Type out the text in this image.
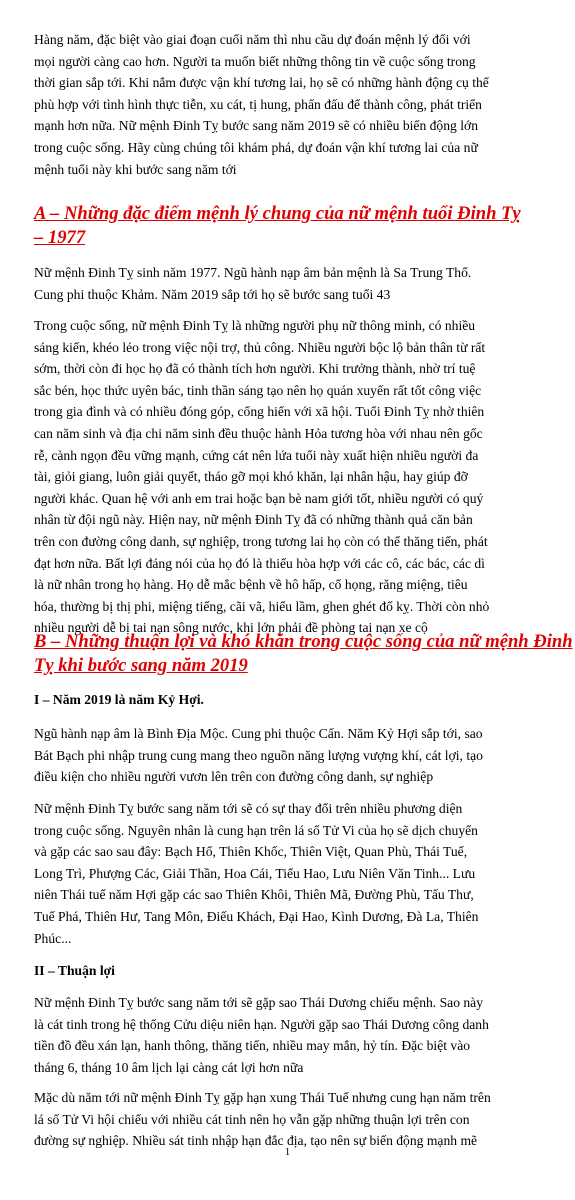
Hàng năm, đặc biệt vào giai đoạn cuối năm thì nhu cầu dự đoán mệnh lý đối với
mọi người càng cao hơn. Người ta muốn biết những thông tin về cuộc sống trong
thời gian sắp tới. Khi nắm được vận khí tương lai, họ sẽ có những hành động cụ thể
phù hợp với tình hình thực tiễn, xu cát, tị hung, phấn đấu để thành công, phát triển
mạnh hơn nữa. Nữ mệnh Đinh Tỵ bước sang năm 2019 sẽ có nhiều biến động lớn
trong cuộc sống. Hãy cùng chúng tôi khám phá, dự đoán vận khí tương lai của nữ
mệnh tuổi này khi bước sang năm tới
A – Những đặc điểm mệnh lý chung của nữ mệnh tuổi Đinh Tỵ
– 1977
Nữ mệnh Đinh Tỵ sinh năm 1977. Ngũ hành nạp âm bản mệnh là Sa Trung Thổ.
Cung phi thuộc Khảm. Năm 2019 sắp tới họ sẽ bước sang tuổi 43
Trong cuộc sống, nữ mệnh Đinh Tỵ là những người phụ nữ thông minh, có nhiều
sáng kiến, khéo léo trong việc nội trợ, thủ công. Nhiều người bộc lộ bản thân từ rất
sớm, thời còn đi học họ đã có thành tích hơn người. Khi trưởng thành, nhờ trí tuệ
sắc bén, học thức uyên bác, tinh thần sáng tạo nên họ quán xuyến rất tốt công việc
trong gia đình và có nhiều đóng góp, cống hiến với xã hội. Tuổi Đinh Tỵ nhờ thiên
can năm sinh và địa chi năm sinh đều thuộc hành Hỏa tương hòa với nhau nên gốc
rễ, cành ngọn đều vững mạnh, cứng cát nên lứa tuổi này xuất hiện nhiều người đa
tài, giỏi giang, luôn giải quyết, tháo gỡ mọi khó khăn, lại nhân hậu, hay giúp đỡ
người khác. Quan hệ với anh em trai hoặc bạn bè nam giới tốt, nhiều người có quý
nhân từ đội ngũ này. Hiện nay, nữ mệnh Đinh Tỵ đã có những thành quả căn bản
trên con đường công danh, sự nghiệp, trong tương lai họ còn có thể thăng tiến, phát
đạt hơn nữa. Bất lợi đáng nói của họ đó là thiếu hòa hợp với các cô, các bác, các dì
là nữ nhân trong họ hàng. Họ dễ mắc bệnh về hô hấp, cổ họng, răng miệng, tiêu
hóa, thường bị thị phi, miệng tiếng, cãi vã, hiểu lầm, ghen ghét đố kỵ. Thời còn nhỏ
nhiều người dễ bị tai nạn sông nước, khi lớn phải đề phòng tai nạn xe cộ
B – Những thuận lợi và khó khăn trong cuộc sống của nữ mệnh Đinh
Tỵ khi bước sang năm 2019
I – Năm 2019 là năm Kỷ Hợi.
Ngũ hành nạp âm là Bình Địa Mộc. Cung phi thuộc Cấn. Năm Kỷ Hợi sắp tới, sao
Bát Bạch phi nhập trung cung mang theo nguồn năng lượng vượng khí, cát lợi, tạo
điều kiện cho nhiều người vươn lên trên con đường công danh, sự nghiệp
Nữ mệnh Đinh Tỵ bước sang năm tới sẽ có sự thay đổi trên nhiều phương diện
trong cuộc sống. Nguyên nhân là cung hạn trên lá số Tử Vi của họ sẽ dịch chuyển
và gặp các sao sau đây: Bạch Hổ, Thiên Khốc, Thiên Việt, Quan Phù, Thái Tuế,
Long Trì, Phượng Các, Giải Thần, Hoa Cái, Tiểu Hao, Lưu Niên Văn Tinh... Lưu
niên Thái tuế năm Hợi gặp các sao Thiên Khôi, Thiên Mã, Đường Phù, Tấu Thư,
Tuế Phá, Thiên Hư, Tang Môn, Điếu Khách, Đại Hao, Kình Dương, Đà La, Thiên
Phúc...
II – Thuận lợi
Nữ mệnh Đinh Tỵ bước sang năm tới sẽ gặp sao Thái Dương chiếu mệnh. Sao này
là cát tinh trong hệ thống Cửu diệu niên hạn. Người gặp sao Thái Dương công danh
tiền đồ đều xán lạn, hanh thông, thăng tiến, nhiều may mắn, hỷ tín. Đặc biệt vào
tháng 6, tháng 10 âm lịch lại càng cát lợi hơn nữa
Mặc dù năm tới nữ mệnh Đinh Tỵ gặp hạn xung Thái Tuế nhưng cung hạn năm trên
lá số Tử Vi hội chiếu với nhiều cát tinh nên họ vẫn gặp những thuận lợi trên con
đường sự nghiệp. Nhiều sát tinh nhập hạn đắc địa, tạo nên sự biến động mạnh mẽ
1
